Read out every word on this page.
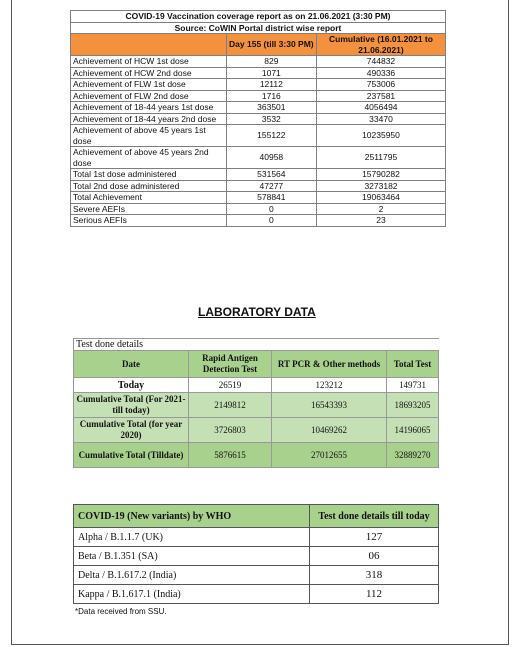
COVID-19 Vaccination coverage report as on 21.06.2021 (3:30 PM)		
Source: CoWIN Portal district wise report		
	Day 155 (till 3:30 PM)	Cumulative (16.01.2021 to 21.06.2021)
Achievement of HCW 1st dose	829	744832
Achievement of HCW 2nd dose	1071	490336
Achievement of FLW 1st dose	12112	753006
Achievement of FLW 2nd dose	1716	237581
Achievement of 18-44 years 1st dose	363501	4056494
Achievement of 18-44 years 2nd dose	3532	33470
Achievement of above 45 years 1st dose	155122	10235950
Achievement of above 45 years 2nd dose	40958	2511795
Total 1st dose administered	531564	15790282
Total 2nd dose administered	47277	3273182
Total Achievement	578841	19063464
Severe AEFIs	0	2
Serious AEFIs	0	23
LABORATORY DATA
Test done details			
Date	Rapid Antigen Detection Test	RT PCR & Other methods	Total Test
Today	26519	123212	149731
Cumulative Total (For 2021- till today)	2149812	16543393	18693205
Cumulative Total (for year 2020)	3726803	10469262	14196065
Cumulative Total (Tilldate)	5876615	27012655	32889270
COVID-19 (New variants) by WHO	Test done details till today
Alpha / B.1.1.7 (UK)	127
Beta / B.1.351 (SA)	06
Delta / B.1.617.2 (India)	318
Kappa / B.1.617.1 (India)	112
*Data received from SSU.
